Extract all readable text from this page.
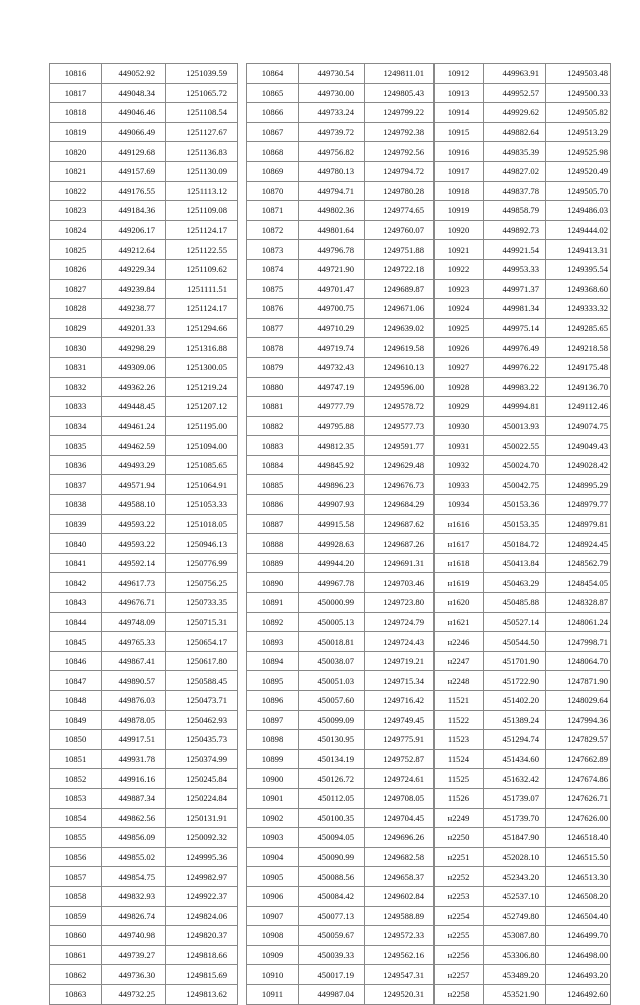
10816	449052.92	1251039.59
10817	449048.34	1251065.72
10818	449046.46	1251108.54
10819	449066.49	1251127.67
10820	449129.68	1251136.83
10821	449157.69	1251130.09
10822	449176.55	1251113.12
10823	449184.36	1251109.08
10824	449206.17	1251124.17
10825	449212.64	1251122.55
10826	449229.34	1251109.62
10827	449239.84	1251111.51
10828	449238.77	1251124.17
10829	449201.33	1251294.66
10830	449298.29	1251316.88
10831	449309.06	1251300.05
10832	449362.26	1251219.24
10833	449448.45	1251207.12
10834	449461.24	1251195.00
10835	449462.59	1251094.00
10836	449493.29	1251085.65
10837	449571.94	1251064.91
10838	449588.10	1251053.33
10839	449593.22	1251018.05
10840	449593.22	1250946.13
10841	449592.14	1250776.99
10842	449617.73	1250756.25
10843	449676.71	1250733.35
10844	449748.09	1250715.31
10845	449765.33	1250654.17
10846	449867.41	1250617.80
10847	449890.57	1250588.45
10848	449876.03	1250473.71
10849	449878.05	1250462.93
10850	449917.51	1250435.73
10851	449931.78	1250374.99
10852	449916.16	1250245.84
10853	449887.34	1250224.84
10854	449862.56	1250131.91
10855	449856.09	1250092.32
10856	449855.02	1249995.36
10857	449854.75	1249982.97
10858	449832.93	1249922.37
10859	449826.74	1249824.06
10860	449740.98	1249820.37
10861	449739.27	1249818.66
10862	449736.30	1249815.69
10863	449732.25	1249813.62
10864	449730.54	1249811.01
10865	449730.00	1249805.43
10866	449733.24	1249799.22
10867	449739.72	1249792.38
10868	449756.82	1249792.56
10869	449780.13	1249794.72
10870	449794.71	1249780.28
10871	449802.36	1249774.65
10872	449801.64	1249760.07
10873	449796.78	1249751.88
10874	449721.90	1249722.18
10875	449701.47	1249689.87
10876	449700.75	1249671.06
10877	449710.29	1249639.02
10878	449719.74	1249619.58
10879	449732.43	1249610.13
10880	449747.19	1249596.00
10881	449777.79	1249578.72
10882	449795.88	1249577.73
10883	449812.35	1249591.77
10884	449845.92	1249629.48
10885	449896.23	1249676.73
10886	449907.93	1249684.29
10887	449915.58	1249687.62
10888	449928.63	1249687.26
10889	449944.20	1249691.31
10890	449967.78	1249703.46
10891	450000.99	1249723.80
10892	450005.13	1249724.79
10893	450018.81	1249724.43
10894	450038.07	1249719.21
10895	450051.03	1249715.34
10896	450057.60	1249716.42
10897	450099.09	1249749.45
10898	450130.95	1249775.91
10899	450134.19	1249752.87
10900	450126.72	1249724.61
10901	450112.05	1249708.05
10902	450100.35	1249704.45
10903	450094.05	1249696.26
10904	450090.99	1249682.58
10905	450088.56	1249658.37
10906	450084.42	1249602.84
10907	450077.13	1249588.89
10908	450059.67	1249572.33
10909	450039.33	1249562.16
10910	450017.19	1249547.31
10911	449987.04	1249520.31
10912	449963.91	1249503.48
10913	449952.57	1249500.33
10914	449929.62	1249505.82
10915	449882.64	1249513.29
10916	449835.39	1249525.98
10917	449827.02	1249520.49
10918	449837.78	1249505.70
10919	449858.79	1249486.03
10920	449892.73	1249444.02
10921	449921.54	1249413.31
10922	449953.33	1249395.54
10923	449971.37	1249368.60
10924	449981.34	1249333.32
10925	449975.14	1249285.65
10926	449976.49	1249218.58
10927	449976.22	1249175.48
10928	449983.22	1249136.70
10929	449994.81	1249112.46
10930	450013.93	1249074.75
10931	450022.55	1249049.43
10932	450024.70	1249028.42
10933	450042.75	1248995.29
10934	450153.36	1248979.77
н1616	450153.35	1248979.81
н1617	450184.72	1248924.45
н1618	450413.84	1248562.79
н1619	450463.29	1248454.05
н1620	450485.88	1248328.87
н1621	450527.14	1248061.24
н2246	450544.50	1247998.71
н2247	451701.90	1248064.70
н2248	451722.90	1247871.90
11521	451402.20	1248029.64
11522	451389.24	1247994.36
11523	451294.74	1247829.57
11524	451434.60	1247662.89
11525	451632.42	1247674.86
11526	451739.07	1247626.71
н2249	451739.70	1247626.00
н2250	451847.90	1246518.40
н2251	452028.10	1246515.50
н2252	452343.20	1246513.30
н2253	452537.10	1246508.20
н2254	452749.80	1246504.40
н2255	453087.80	1246499.70
н2256	453306.80	1246498.00
н2257	453489.20	1246493.20
н2258	453521.90	1246492.60
